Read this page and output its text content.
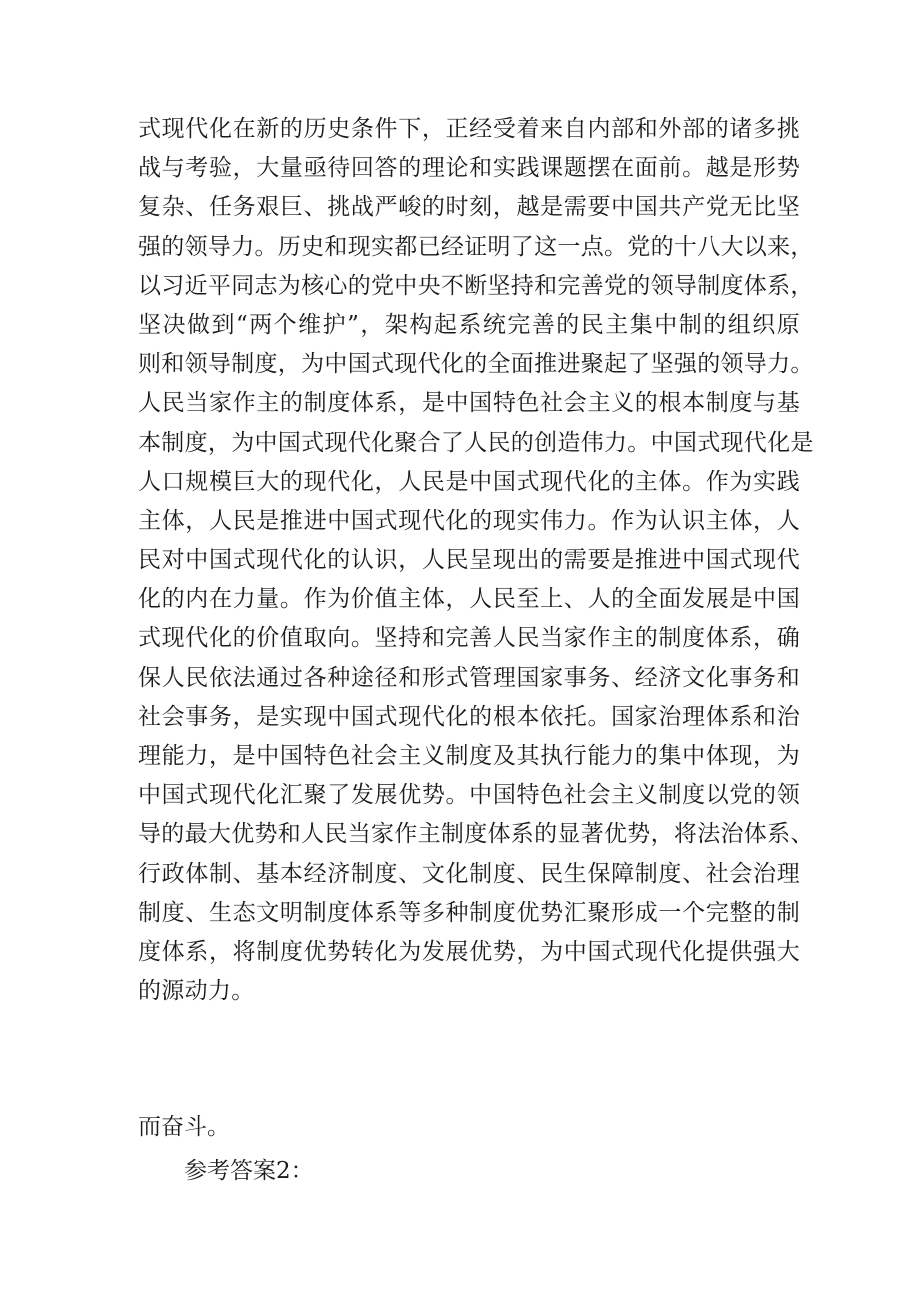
式现代化在新的历史条件下，正经受着来自内部和外部的诸多挑
战与考验，大量亟待回答的理论和实践课题摆在面前。越是形势
复杂、任务艰巨、挑战严峻的时刻，越是需要中国共产党无比坚
强的领导力。历史和现实都已经证明了这一点。党的十八大以来，
以习近平同志为核心的党中央不断坚持和完善党的领导制度体系，
坚决做到“两个维护”，架构起系统完善的民主集中制的组织原
则和领导制度，为中国式现代化的全面推进聚起了坚强的领导力。
人民当家作主的制度体系，是中国特色社会主义的根本制度与基
本制度，为中国式现代化聚合了人民的创造伟力。中国式现代化是
人口规模巨大的现代化，人民是中国式现代化的主体。作为实践
主体，人民是推进中国式现代化的现实伟力。作为认识主体，人
民对中国式现代化的认识，人民呈现出的需要是推进中国式现代
化的内在力量。作为价值主体，人民至上、人的全面发展是中国
式现代化的价值取向。坚持和完善人民当家作主的制度体系，确
保人民依法通过各种途径和形式管理国家事务、经济文化事务和
社会事务，是实现中国式现代化的根本依托。国家治理体系和治
理能力，是中国特色社会主义制度及其执行能力的集中体现，为
中国式现代化汇聚了发展优势。中国特色社会主义制度以党的领
导的最大优势和人民当家作主制度体系的显著优势，将法治体系、
行政体制、基本经济制度、文化制度、民生保障制度、社会治理
制度、生态文明制度体系等多种制度优势汇聚形成一个完整的制
度体系，将制度优势转化为发展优势，为中国式现代化提供强大
的源动力。
而奋斗。
参考答案2：
